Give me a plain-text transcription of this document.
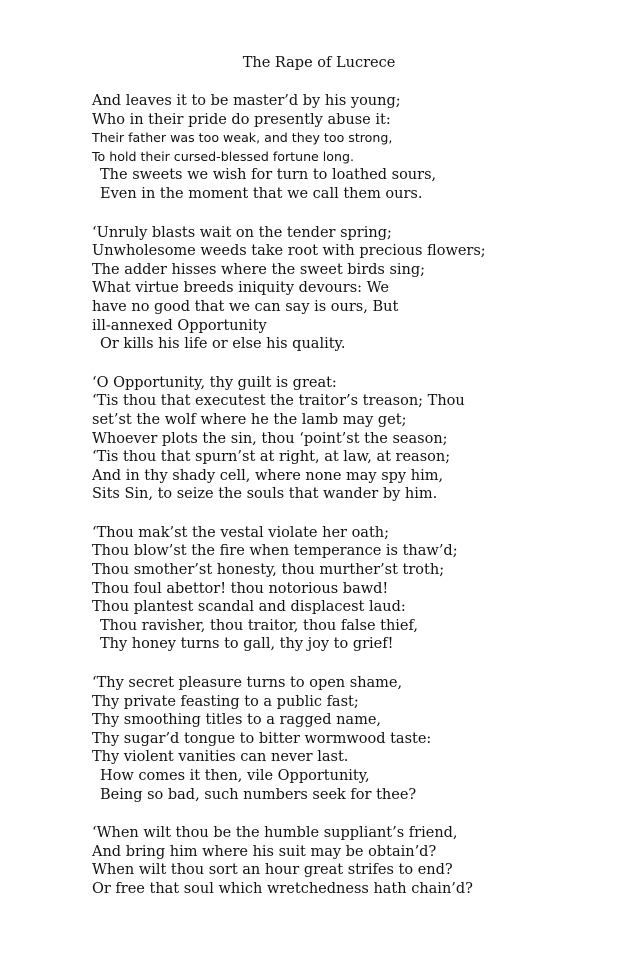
The Rape of Lucrece
And leaves it to be master’d by his young;
Who in their pride do presently abuse it:
Their father was too weak, and they too strong,
To hold their cursed-blessed fortune long.
The sweets we wish for turn to loathed sours,
Even in the moment that we call them ours.
‘Unruly blasts wait on the tender spring;
Unwholesome weeds take root with precious flowers;
The adder hisses where the sweet birds sing;
What virtue breeds iniquity devours: We
have no good that we can say is ours, But
ill-annexed Opportunity
Or kills his life or else his quality.
‘O Opportunity, thy guilt is great:
‘Tis thou that executest the traitor’s treason; Thou
set’st the wolf where he the lamb may get;
Whoever plots the sin, thou ‘point’st the season;
‘Tis thou that spurn’st at right, at law, at reason;
And in thy shady cell, where none may spy him,
Sits Sin, to seize the souls that wander by him.
‘Thou mak’st the vestal violate her oath;
Thou blow’st the fire when temperance is thaw’d;
Thou smother’st honesty, thou murther’st troth;
Thou foul abettor! thou notorious bawd!
Thou plantest scandal and displacest laud:
Thou ravisher, thou traitor, thou false thief,
Thy honey turns to gall, thy joy to grief!
‘Thy secret pleasure turns to open shame,
Thy private feasting to a public fast;
Thy smoothing titles to a ragged name,
Thy sugar’d tongue to bitter wormwood taste:
Thy violent vanities can never last.
How comes it then, vile Opportunity,
Being so bad, such numbers seek for thee?
‘When wilt thou be the humble suppliant’s friend,
And bring him where his suit may be obtain’d?
When wilt thou sort an hour great strifes to end?
Or free that soul which wretchedness hath chain’d?
